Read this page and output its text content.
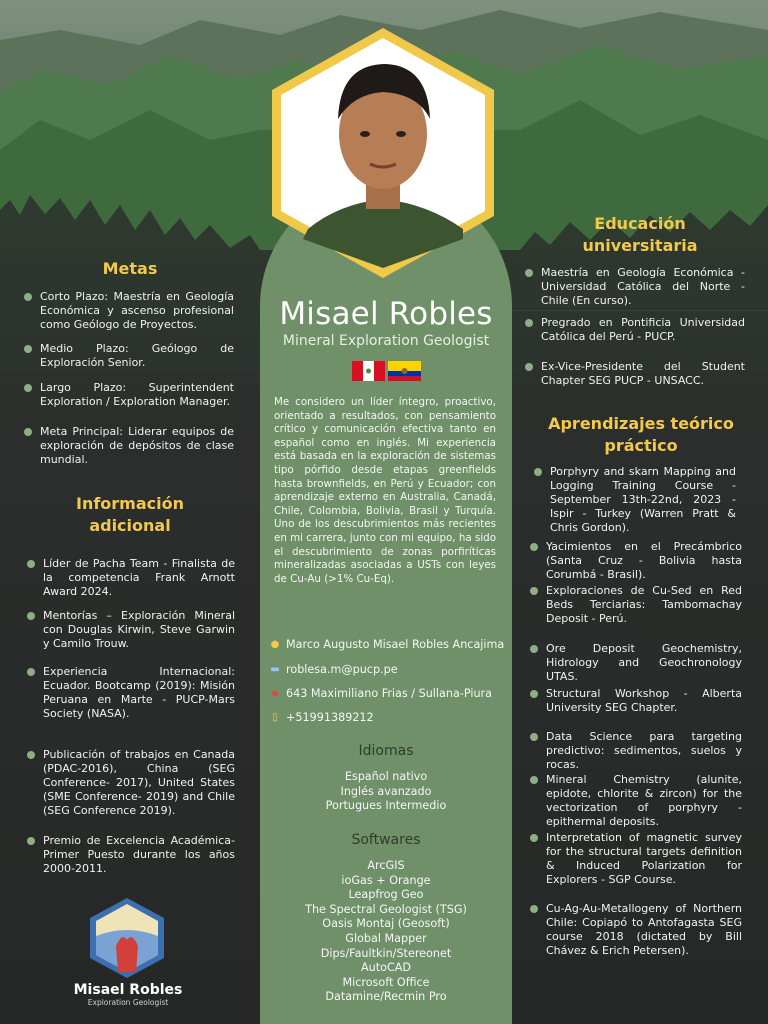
Misael Robles
Mineral Exploration Geologist
Me considero un líder íntegro, proactivo, orientado a resultados, con pensamiento crítico y comunicación efectiva tanto en español como en inglés. Mi experiencia está basada en la exploración de sistemas tipo pórfido desde etapas greenfields hasta brownfields, en Perú y Ecuador; con aprendizaje externo en Australia, Canadá, Chile, Colombia, Bolivia, Brasil y Turquía. Uno de los descubrimientos más recientes en mi carrera, junto con mi equipo, ha sido el descubrimiento de zonas porfiríticas mineralizadas asociadas a USTs con leyes de Cu-Au (>1% Cu-Eq).
● Marco Augusto Misael Robles Ancajima
▬ roblesa.m@pucp.pe
◆ 643 Maximiliano Frias / Sullana-Piura
▯ +51991389212
Idiomas
Español nativo
Inglés avanzado
Portugues Intermedio
Softwares
ArcGIS
ioGas + Orange
Leapfrog Geo
The Spectral Geologist (TSG)
Oasis Montaj (Geosoft)
Global Mapper
Dips/Faultkin/Stereonet
AutoCAD
Microsoft Office
Datamine/Recmin Pro
Metas
Corto Plazo: Maestría en Geología Económica y ascenso profesional como Geólogo de Proyectos.
Medio Plazo: Geólogo de Exploración Senior.
Largo Plazo: Superintendent Exploration / Exploration Manager.
Meta Principal: Liderar equipos de exploración de depósitos de clase mundial.
Información
adicional
Líder de Pacha Team - Finalista de la competencia Frank Arnott Award 2024.
Mentorías – Exploración Mineral con Douglas Kirwin, Steve Garwin y Camilo Trouw.
Experiencia Internacional: Ecuador. Bootcamp (2019): Misión Peruana en Marte - PUCP-Mars Society (NASA).
Publicación of trabajos en Canada (PDAC-2016), China (SEG Conference- 2017), United States (SME Conference- 2019) and Chile (SEG Conference 2019).
Premio de Excelencia Académica-Primer Puesto durante los años 2000-2011.
Misael Robles
Exploration Geologist
Educación
universitaria
Maestría en Geología Económica - Universidad Católica del Norte - Chile (En curso).
Pregrado en Pontificia Universidad Católica del Perú - PUCP.
Ex-Vice-Presidente del Student Chapter SEG PUCP - UNSACC.
Aprendizajes teórico
práctico
Porphyry and skarn Mapping and Logging Training Course - September 13th-22nd, 2023 - Ispir - Turkey (Warren Pratt & Chris Gordon).
Yacimientos en el Precámbrico (Santa Cruz - Bolivia hasta Corumbá - Brasil).
Exploraciones de Cu-Sed en Red Beds Terciarias: Tambomachay Deposit - Perú.
Ore Deposit Geochemistry, Hidrology and Geochronology UTAS.
Structural Workshop - Alberta University SEG Chapter.
Data Science para targeting predictivo: sedimentos, suelos y rocas.
Mineral Chemistry (alunite, epidote, chlorite & zircon) for the vectorization of porphyry - epithermal deposits.
Interpretation of magnetic survey for the structural targets definition & Induced Polarization for Explorers - SGP Course.
Cu-Ag-Au-Metallogeny of Northern Chile: Copiapó to Antofagasta SEG course 2018 (dictated by Bill Chávez & Erich Petersen).
